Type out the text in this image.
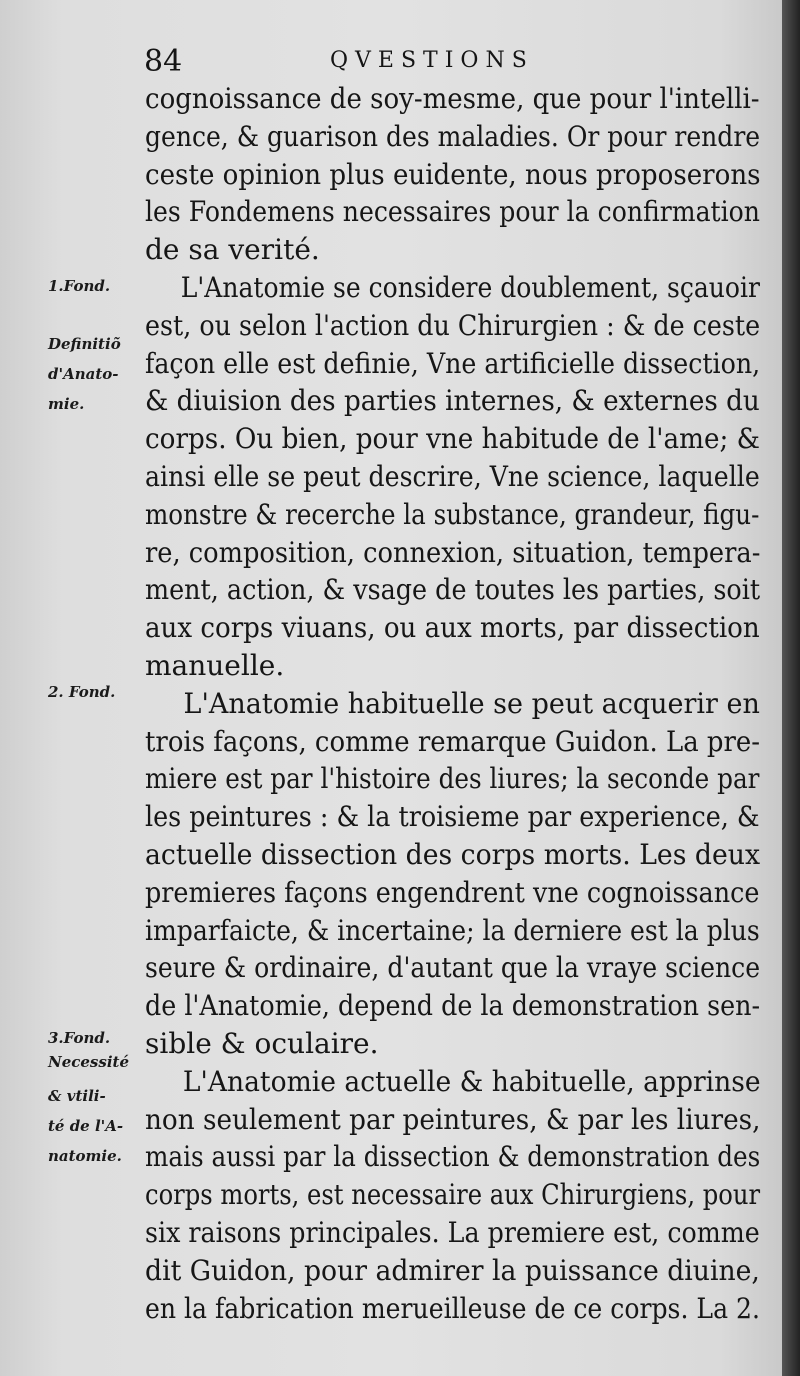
84	QVESTIONS
cognoissance de soy-mesme, que pour l'intelli-
gence, & guarison des maladies. Or pour rendre
ceste opinion plus euidente, nous proposerons
les Fondemens necessaires pour la confirmation
de sa verité.
L'Anatomie se considere doublement, sçauoir
est, ou selon l'action du Chirurgien : & de ceste
façon elle est definie, Vne artificielle dissection,
& diuision des parties internes, & externes du
corps. Ou bien, pour vne habitude de l'ame; &
ainsi elle se peut descrire, Vne science, laquelle
monstre & recerche la substance, grandeur, figu-
re, composition, connexion, situation, tempera-
ment, action, & vsage de toutes les parties, soit
aux corps viuans, ou aux morts, par dissection
manuelle.
L'Anatomie habituelle se peut acquerir en
trois façons, comme remarque Guidon. La pre-
miere est par l'histoire des liures; la seconde par
les peintures : & la troisieme par experience, &
actuelle dissection des corps morts. Les deux
premieres façons engendrent vne cognoissance
imparfaicte, & incertaine; la derniere est la plus
seure & ordinaire, d'autant que la vraye science
de l'Anatomie, depend de la demonstration sen-
sible & oculaire.
L'Anatomie actuelle & habituelle, apprinse
non seulement par peintures, & par les liures,
mais aussi par la dissection & demonstration des
corps morts, est necessaire aux Chirurgiens, pour
six raisons principales. La premiere est, comme
dit Guidon, pour admirer la puissance diuine,
en la fabrication merueilleuse de ce corps. La 2.
1.Fond.
Definitiõ
d'Anato-
mie.
2. Fond.
3.Fond.
Necessité
& vtili-
té de l'A-
natomie.
